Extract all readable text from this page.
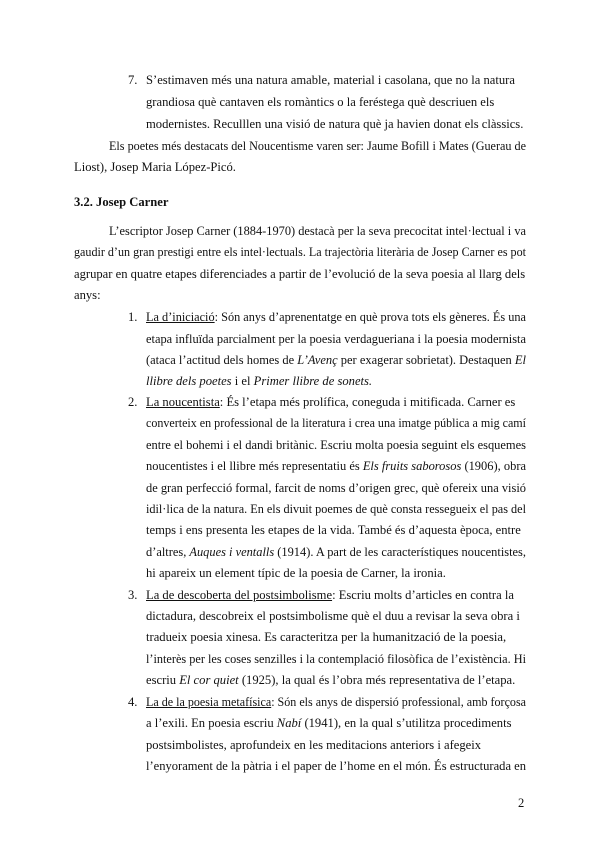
7. S’estimaven més una natura amable, material i casolana, que no la natura
grandiosa què cantaven els romàntics o la feréstega què descriuen els
modernistes. Reculllen una visió de natura què ja havien donat els clàssics.
Els poetes més destacats del Noucentisme varen ser: Jaume Bofill i Mates (Guerau de
Liost), Josep Maria López-Picó.
3.2. Josep Carner
L’escriptor Josep Carner (1884-1970) destacà per la seva precocitat intel·lectual i va
gaudir d’un gran prestigi entre els intel·lectuals. La trajectòria literària de Josep Carner es pot
agrupar en quatre etapes diferenciades a partir de l’evolució de la seva poesia al llarg dels
anys:
1. La d’iniciació: Són anys d’aprenentatge en què prova tots els gèneres. És una
etapa influïda parcialment per la poesia verdagueriana i la poesia modernista
(ataca l’actitud dels homes de L’Avenç per exagerar sobrietat). Destaquen El
llibre dels poetes i el Primer llibre de sonets.
2. La noucentista: És l’etapa més prolífica, coneguda i mitificada. Carner es
converteix en professional de la literatura i crea una imatge pública a mig camí
entre el bohemi i el dandi britànic. Escriu molta poesia seguint els esquemes
noucentistes i el llibre més representatiu és Els fruits saborosos (1906), obra
de gran perfecció formal, farcit de noms d’origen grec, què ofereix una visió
idil·lica de la natura. En els divuit poemes de què consta ressegueix el pas del
temps i ens presenta les etapes de la vida. També és d’aquesta època, entre
d’altres, Auques i ventalls (1914). A part de les característiques noucentistes,
hi apareix un element típic de la poesia de Carner, la ironia.
3. La de descoberta del postsimbolisme: Escriu molts d’articles en contra la
dictadura, descobreix el postsimbolisme què el duu a revisar la seva obra i
tradueix poesia xinesa. Es caracteritza per la humanització de la poesia,
l’interès per les coses senzilles i la contemplació filosòfica de l’existència. Hi
escriu El cor quiet (1925), la qual és l’obra més representativa de l’etapa.
4. La de la poesia metafísica: Són els anys de dispersió professional, amb forçosa
a l’exili. En poesia escriu Nabí (1941), en la qual s’utilitza procediments
postsimbolistes, aprofundeix en les meditacions anteriors i afegeix
l’enyorament de la pàtria i el paper de l’home en el món. És estructurada en
2
